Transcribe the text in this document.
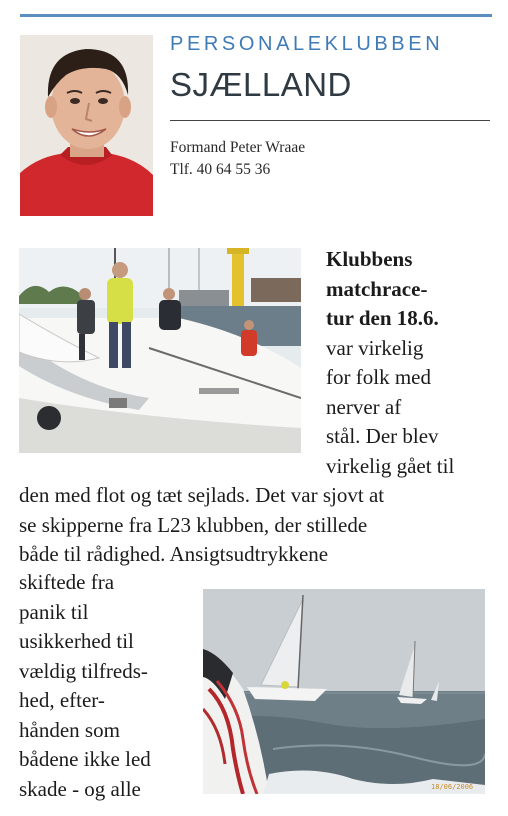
PERSONALEKLUBBEN
SJÆLLAND
Formand Peter Wraae
Tlf. 40 64 55 36
18/06/2006
Klubbens
matchrace-
tur den 18.6.
var virkelig
for folk med
nerver af
stål. Der blev
virkelig gået til
den med flot og tæt sejlads. Det var sjovt at
se skipperne fra L23 klubben, der stillede
både til rådighed. Ansigtsudtrykkene
skiftede fra
panik til
usikkerhed til
vældig tilfreds-
hed, efter-
hånden som
bådene ikke led
skade - og alle
